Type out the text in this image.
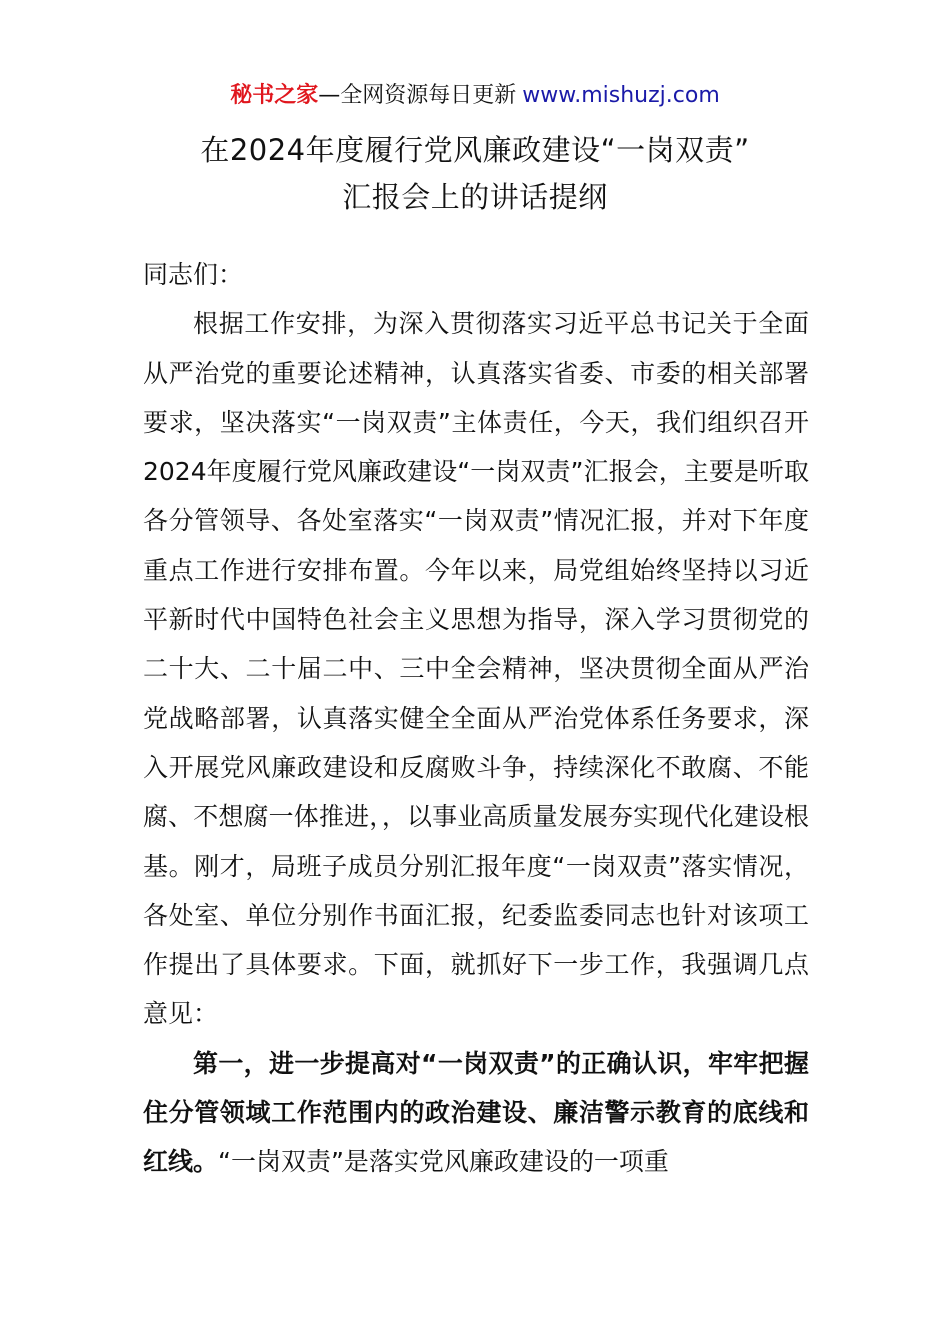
秘书之家—全网资源每日更新 www.mishuzj.com
在2024年度履行党风廉政建设“一岗双责”
汇报会上的讲话提纲

同志们：

根据工作安排，为深入贯彻落实习近平总书记关于全面从严治党的重要论述精神，认真落实省委、市委的相关部署要求，坚决落实“一岗双责”主体责任，今天，我们组织召开2024年度履行党风廉政建设“一岗双责”汇报会，主要是听取各分管领导、各处室落实“一岗双责”情况汇报，并对下年度重点工作进行安排布置。今年以来，局党组始终坚持以习近平新时代中国特色社会主义思想为指导，深入学习贯彻党的二十大、二十届二中、三中全会精神，坚决贯彻全面从严治党战略部署，认真落实健全全面从严治党体系任务要求，深入开展党风廉政建设和反腐败斗争，持续深化不敢腐、不能腐、不想腐一体推进，，以事业高质量发展夯实现代化建设根基。刚才，局班子成员分别汇报年度“一岗双责”落实情况，各处室、单位分别作书面汇报，纪委监委同志也针对该项工作提出了具体要求。下面，就抓好下一步工作，我强调几点意见：

第一，进一步提高对“一岗双责”的正确认识，牢牢把握住分管领域工作范围内的政治建设、廉洁警示教育的底线和红线。“一岗双责”是落实党风廉政建设的一项重
